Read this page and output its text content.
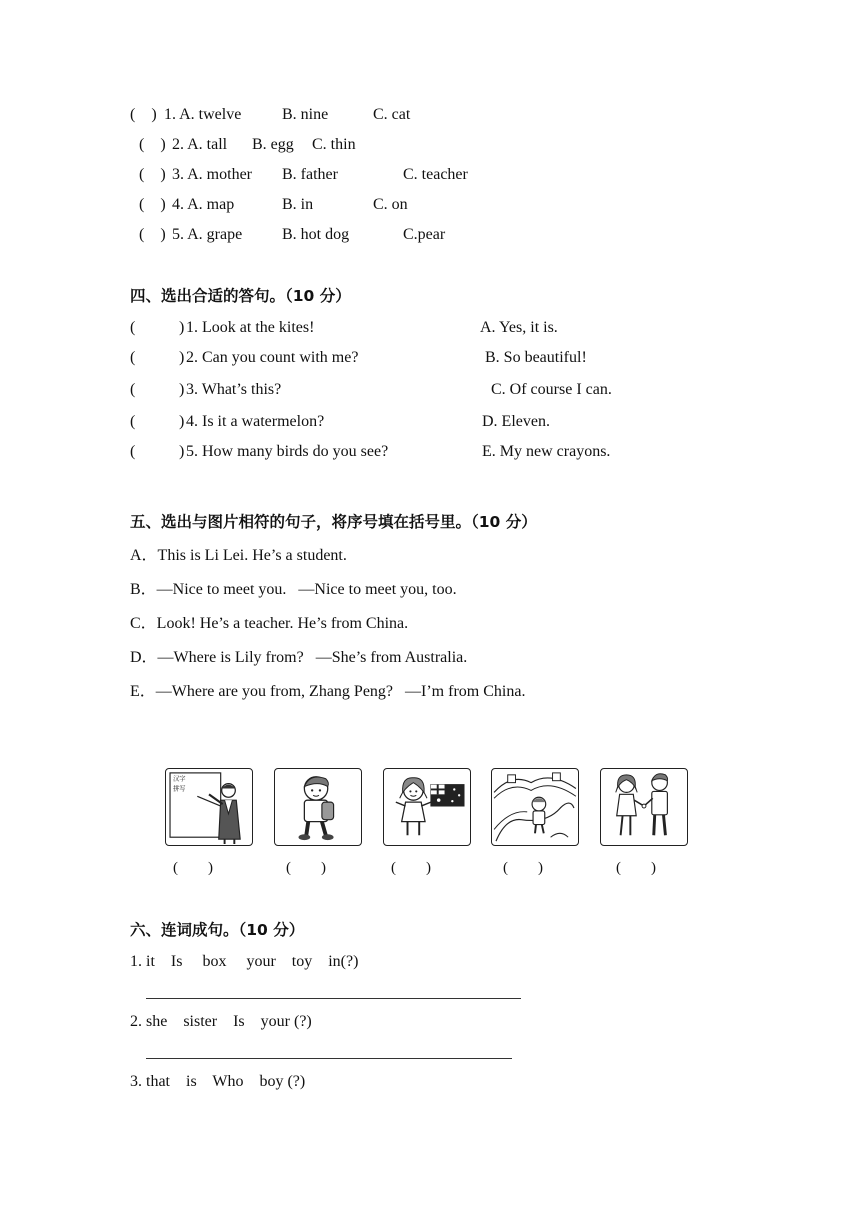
(    ) 1. A. twelve	B. nine	C. cat
(    ) 2. A. tall B. egg C. thin
(    ) 3. A. mother B. father	C. teacher
(    ) 4. A. map	B. in	C. on
(    ) 5. A. grape B. hot dog	C.pear
四、选出合适的答句。（10 分）
(	) 1. Look at the kites!	A. Yes, it is.
(	) 2. Can you count with me?	B. So beautiful!
(	) 3. What’s this?	C. Of course I can.
(	) 4. Is it a watermelon?	D. Eleven.
(	) 5. How many birds do you see?	E. My new crayons.
五、选出与图片相符的句子，将序号填在括号里。（10 分）
A．This is Li Lei. He’s a student.
B．—Nice to meet you.   —Nice to meet you, too.
C．Look! He’s a teacher. He’s from China.
D．—Where is Lily from?   —She’s from Australia.
E．—Where are you from, Zhang Peng?   —I’m from China.
汉字
拼写
(        )	(        )	(        )	(        )	(        )
六、连词成句。（10 分）
1. it    Is     box     your    toy    in(?)
2. she    sister    Is    your (?)
3. that    is    Who    boy (?)
